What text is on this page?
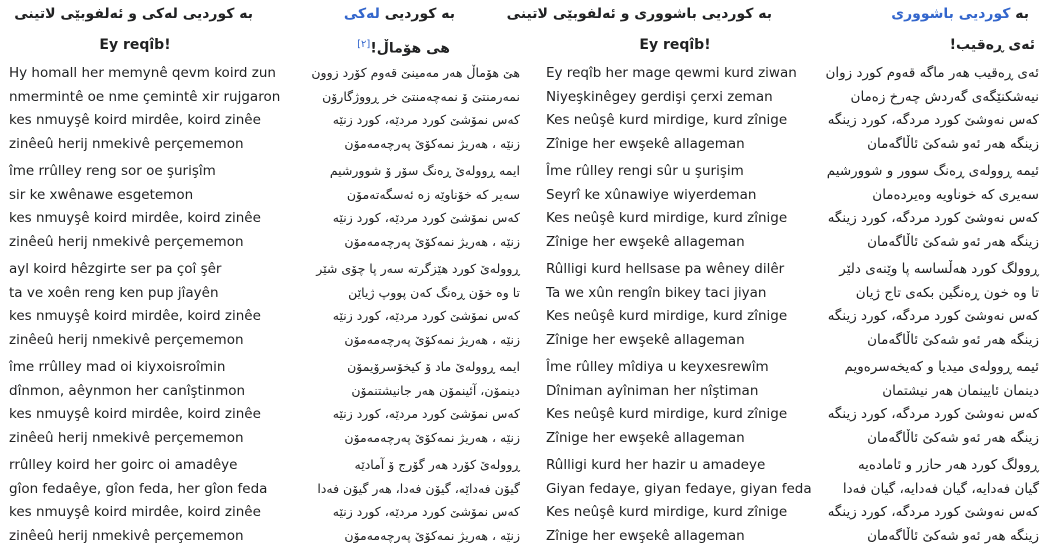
به کوردیی لەکی و ئەلفوبێی لاتینی
Ey reqîb!
Hy homall her memynê qevm koird zun
nmermintê oe nme çemintê xir rujgaron
kes nmuyşê koird mirdêe, koird zinêe
zinêeû herij nmekivê perçememon
îme rrûlley reng sor oe şurişîm
sir ke xwênawe esgetemon
kes nmuyşê koird mirdêe, koird zinêe
zinêeû herij nmekivê perçememon
ayl koird hêzgirte ser pa çoî şêr
ta ve xoên reng ken pup jîayên
kes nmuyşê koird mirdêe, koird zinêe
zinêeû herij nmekivê perçememon
îme rrûlley mad oi kiyxoisroîmin
dînmon, aêynmon her canîştinmon
kes nmuyşê koird mirdêe, koird zinêe
zinêeû herij nmekivê perçememon
rrûlley koird her goirc oi amadêye
gîon fedaêye, gîon feda, her gîon feda
kes nmuyşê koird mirdêe, koird zinêe
zinêeû herij nmekivê perçememon
به کوردیی لەکی
هی هۆماڵ![٢]
هێ هۆماڵ هەر مەمینێ قەوم کۆرد زوون
نمەرمنتێ ۆ نمەچەمنتێ خر ڕووژگارۆن
کەس نمۆشێ کورد مردێە، کورد زنێە
زنێە ، هەریژ نمەکۆێ پەرچەمەمۆن
ایمە ڕوولەێ ڕەنگ سۆر ۆ شوورشیم
سەیر کە خۆناوێە زە ئەسگەتەمۆن
کەس نمۆشێ کورد مردێە، کورد زنێە
زنێە ، هەریژ نمەکۆێ پەرچەمەمۆن
ڕوولەێ کورد هێزگرتە سەر پا چۆی شێر
تا وە خۆن ڕەنگ کەن پووپ ژیاێن
کەس نمۆشێ کورد مردێە، کورد زنێە
زنێە ، هەریژ نمەکۆێ پەرچەمەمۆن
ایمە ڕوولەێ ماد ۆ کیخۆسرۆیمۆن
دینمۆن، آئینمۆن هەر جانیشتنمۆن
کەس نمۆشێ کورد مردێە، کورد زنێە
زنێە ، هەریژ نمەکۆێ پەرچەمەمۆن
ڕوولەێ کۆرد هەر گۆرج ۆ آمادێە
گیۆن فەداێە، گیۆن فەدا، هەر گیۆن فەدا
کەس نمۆشێ کورد مردێە، کورد زنێە
زنێە ، هەریژ نمەکۆێ پەرچەمەمۆن
به کوردیی باشووری و ئەلفوبێی لاتینی
Ey reqîb!
Ey reqîb her mage qewmi kurd ziwan
Niyeşkinêgey gerdişi çerxi zeman
Kes neûşê kurd mirdige, kurd zînige
Zînige her ewşekê allageman
Îme rûlley rengi sûr u şurişim
Seyrî ke xûnawiye wiyerdeman
Kes neûşê kurd mirdige, kurd zînige
Zînige her ewşekê allageman
Rûlligi kurd hellsase pa wêney dilêr
Ta we xûn rengîn bikey taci jiyan
Kes neûşê kurd mirdige, kurd zînige
Zînige her ewşekê allageman
Îme rûlley mîdiya u keyxesrewîm
Dîniman ayîniman her nîştiman
Kes neûşê kurd mirdige, kurd zînige
Zînige her ewşekê allageman
Rûlligi kurd her hazir u amadeye
Giyan fedaye, giyan fedaye, giyan feda
Kes neûşê kurd mirdige, kurd zînige
Zînige her ewşekê allageman
به کوردیی باشووری
ئەی ڕەقیب!
ئەی ڕەقیب هەر ماگە قەوم کورد زوان
نیەشکنێگەی گەردش چەرخ زەمان
کەس نەوشێ کورد مردگە، کورد زینگە
زینگە هەر ئەو شەکێ ئاڵاگەمان
ئیمە ڕوولەی ڕەنگ سوور و شوورشیم
سەیری کە خوناویە وەیردەمان
کەس نەوشێ کورد مردگە، کورد زینگە
زینگە هەر ئەو شەکێ ئاڵاگەمان
ڕوولگ کورد هەڵساسە پا وێنەی دلێر
تا وە خون ڕەنگین بکەی تاج ژیان
کەس نەوشێ کورد مردگە، کورد زینگە
زینگە هەر ئەو شەکێ ئاڵاگەمان
ئیمە ڕوولەی میدیا و کەیخەسرەویم
دینمان ئایینمان هەر نیشتمان
کەس نەوشێ کورد مردگە، کورد زینگە
زینگە هەر ئەو شەکێ ئاڵاگەمان
ڕوولگ کورد هەر حازر و ئامادەیە
گیان فەدایە، گیان فەدایە، گیان فەدا
کەس نەوشێ کورد مردگە، کورد زینگە
زینگە هەر ئەو شەکێ ئاڵاگەمان
